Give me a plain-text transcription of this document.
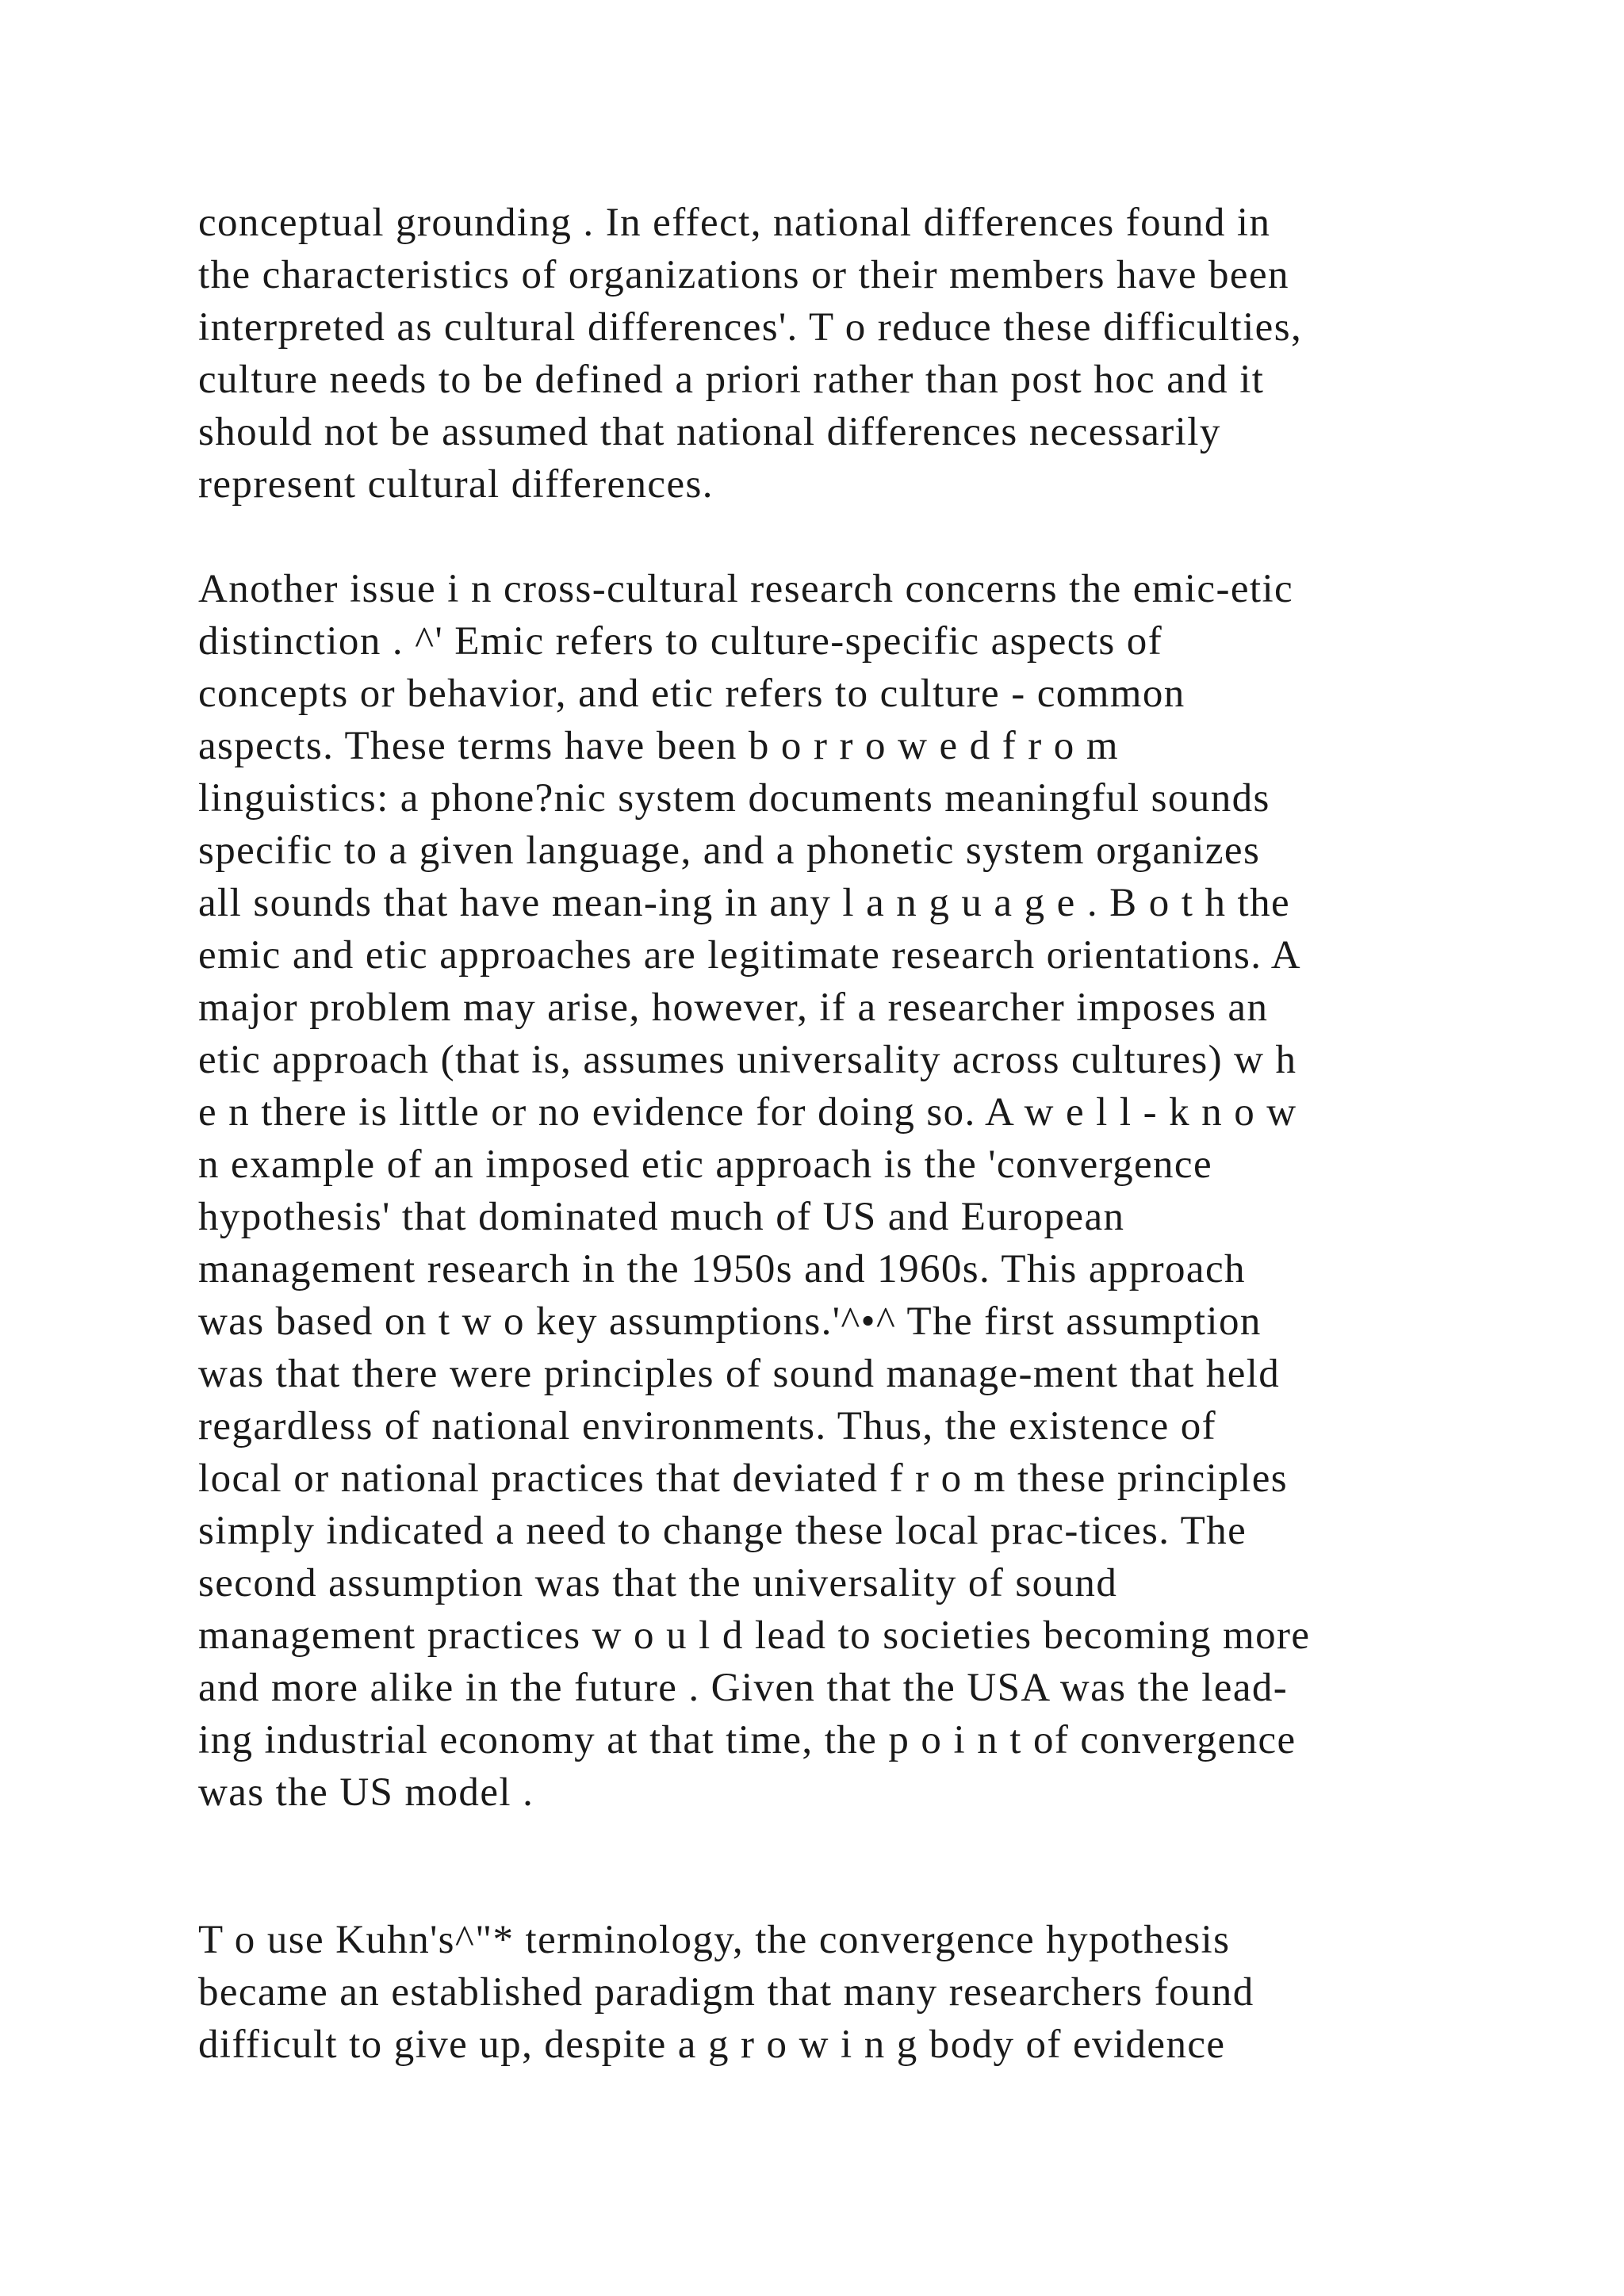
conceptual grounding . In effect, national differences found in
the characteristics of organizations or their members have been
interpreted as cultural differences'. T o reduce these difficulties,
culture needs to be defined a priori rather than post hoc and it
should not be assumed that national differences necessarily
represent cultural differences.
Another issue i n cross-cultural research concerns the emic-etic
distinction . ^' Emic refers to culture-specific aspects of
concepts or behavior, and etic refers to culture - common
aspects. These terms have been b o r r o w e d f r o m
linguistics: a phone?nic system documents meaningful sounds
specific to a given language, and a phonetic system organizes
all sounds that have mean-ing in any l a n g u a g e . B o t h the
emic and etic approaches are legitimate research orientations. A
major problem may arise, however, if a researcher imposes an
etic approach (that is, assumes universality across cultures) w h
e n there is little or no evidence for doing so. A w e l l - k n o w
n example of an imposed etic approach is the 'convergence
hypothesis' that dominated much of US and European
management research in the 1950s and 1960s. This approach
was based on t w o key assumptions.'^•^ The first assumption
was that there were principles of sound manage-ment that held
regardless of national environments. Thus, the existence of
local or national practices that deviated f r o m these principles
simply indicated a need to change these local prac-tices. The
second assumption was that the universality of sound
management practices w o u l d lead to societies becoming more
and more alike in the future . Given that the USA was the lead-
ing industrial economy at that time, the p o i n t of convergence
was the US model .
T o use Kuhn's^"* terminology, the convergence hypothesis
became an established paradigm that many researchers found
difficult to give up, despite a g r o w i n g body of evidence
